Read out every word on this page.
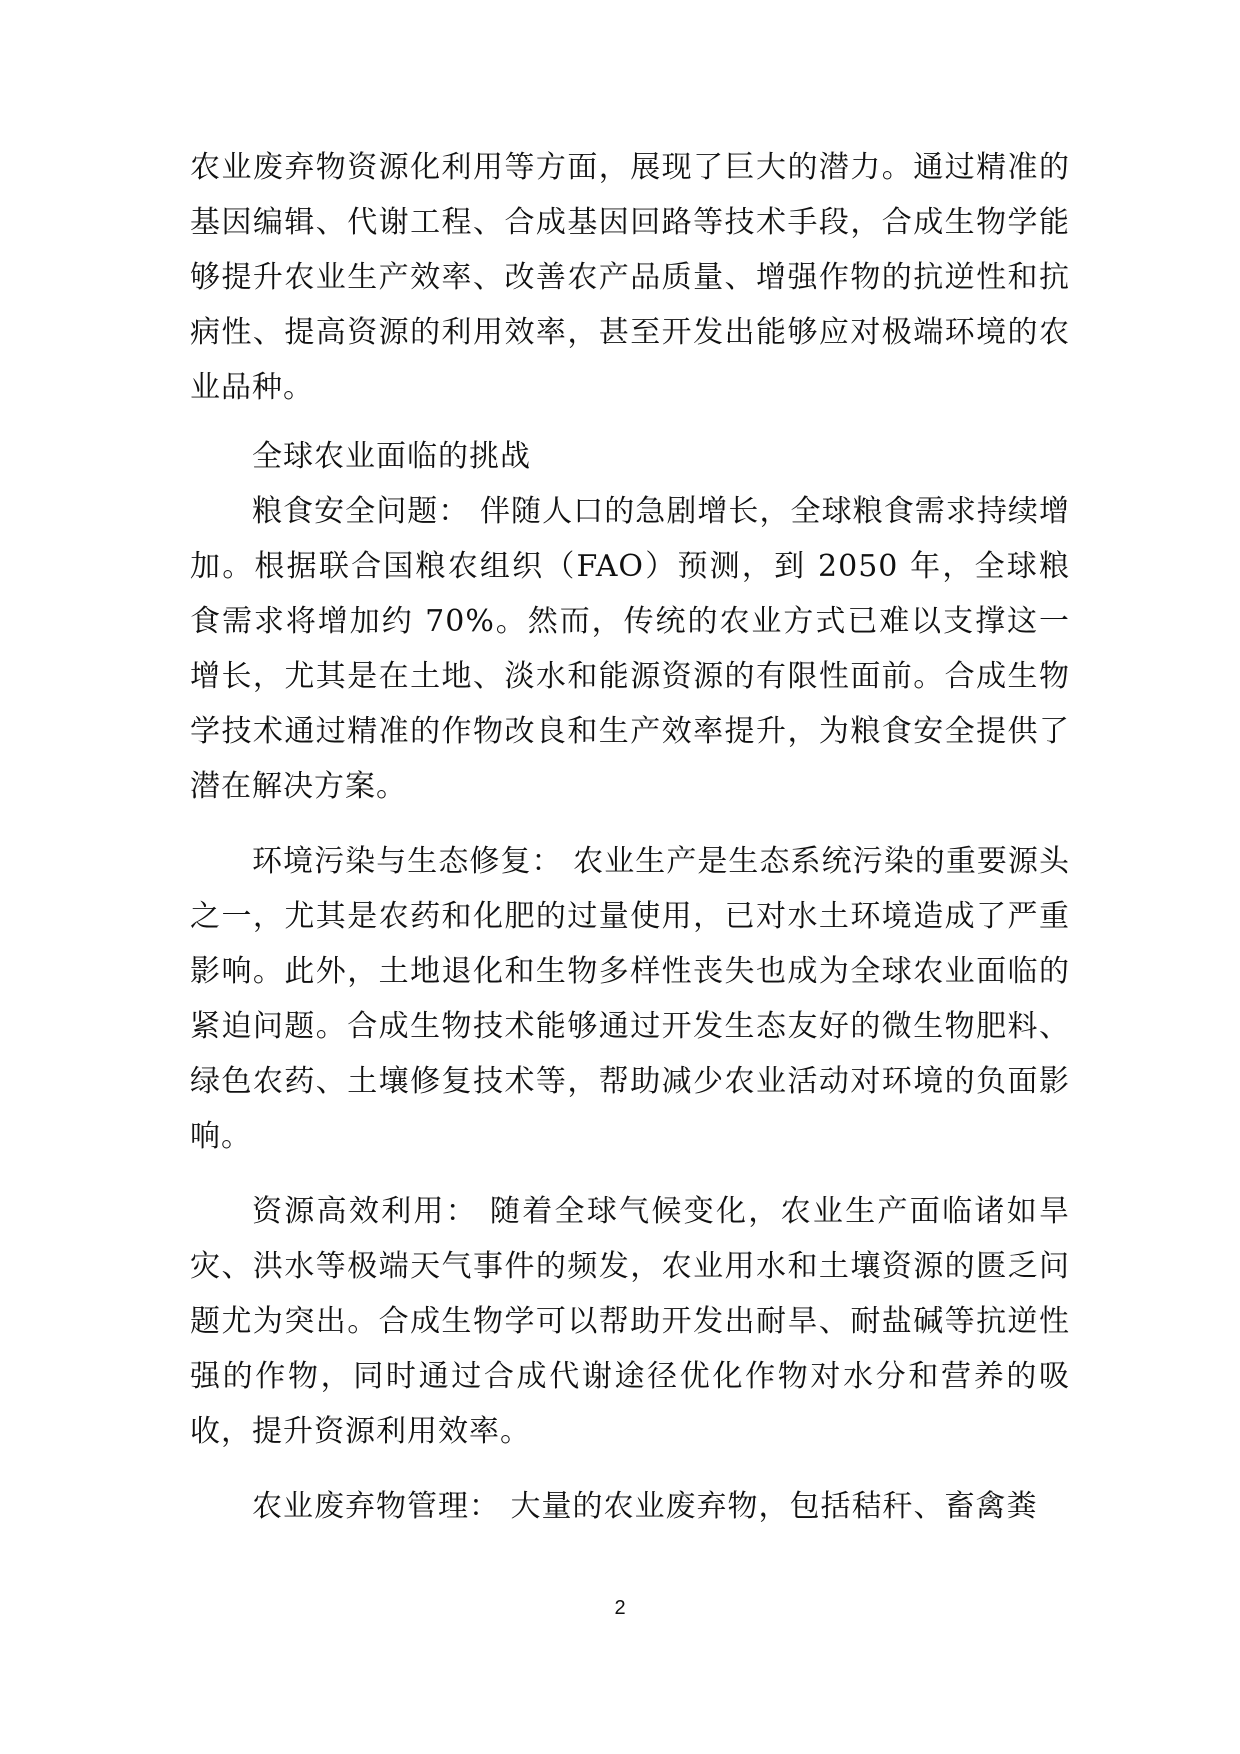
农业废弃物资源化利用等方面，展现了巨大的潜力。通过精准的基因编辑、代谢工程、合成基因回路等技术手段，合成生物学能够提升农业生产效率、改善农产品质量、增强作物的抗逆性和抗病性、提高资源的利用效率，甚至开发出能够应对极端环境的农业品种。

全球农业面临的挑战

粮食安全问题： 伴随人口的急剧增长，全球粮食需求持续增加。根据联合国粮农组织（FAO）预测，到 2050 年，全球粮食需求将增加约 70%。然而，传统的农业方式已难以支撑这一增长，尤其是在土地、淡水和能源资源的有限性面前。合成生物学技术通过精准的作物改良和生产效率提升，为粮食安全提供了潜在解决方案。

环境污染与生态修复： 农业生产是生态系统污染的重要源头之一，尤其是农药和化肥的过量使用，已对水土环境造成了严重影响。此外，土地退化和生物多样性丧失也成为全球农业面临的紧迫问题。合成生物技术能够通过开发生态友好的微生物肥料、绿色农药、土壤修复技术等，帮助减少农业活动对环境的负面影响。

资源高效利用： 随着全球气候变化，农业生产面临诸如旱灾、洪水等极端天气事件的频发，农业用水和土壤资源的匮乏问题尤为突出。合成生物学可以帮助开发出耐旱、耐盐碱等抗逆性强的作物，同时通过合成代谢途径优化作物对水分和营养的吸收，提升资源利用效率。

农业废弃物管理： 大量的农业废弃物，包括秸秆、畜禽粪

2
